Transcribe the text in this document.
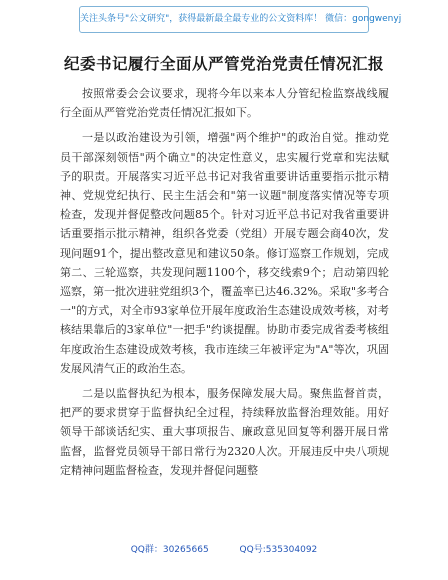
关注头条号"公文研究"，获得最新最全最专业的公文资料库！ 微信：gongwenyj
纪委书记履行全面从严管党治党责任情况汇报

按照常委会会议要求，现将今年以来本人分管纪检监察战线履行全面从严管党治党责任情况汇报如下。

一是以政治建设为引领，增强"两个维护"的政治自觉。推动党员干部深刻领悟"两个确立"的决定性意义，忠实履行党章和宪法赋予的职责。开展落实习近平总书记对我省重要讲话重要指示批示精神、党规党纪执行、民主生活会和"第一议题"制度落实情况等专项检查，发现并督促整改问题85个。针对习近平总书记对我省重要讲话重要指示批示精神，组织各党委（党组）开展专题会商40次，发现问题91个，提出整改意见和建议50条。修订巡察工作规划，完成第二、三轮巡察，共发现问题1100个，移交线索9个；启动第四轮巡察，第一批次进驻党组织3个，覆盖率已达46.32%。采取"多考合一"的方式，对全市93家单位开展年度政治生态建设成效考核，对考核结果靠后的3家单位"一把手"约谈提醒。协助市委完成省委考核组年度政治生态建设成效考核，我市连续三年被评定为"A"等次，巩固发展风清气正的政治生态。

二是以监督执纪为根本，服务保障发展大局。聚焦监督首责，把严的要求贯穿于监督执纪全过程，持续释放监督治理效能。用好领导干部谈话纪实、重大事项报告、廉政意见回复等利器开展日常监督，监督党员领导干部日常行为2320人次。开展违反中央八项规定精神问题监督检查，发现并督促问题整

QQ群：30265665	QQ号:535304092
